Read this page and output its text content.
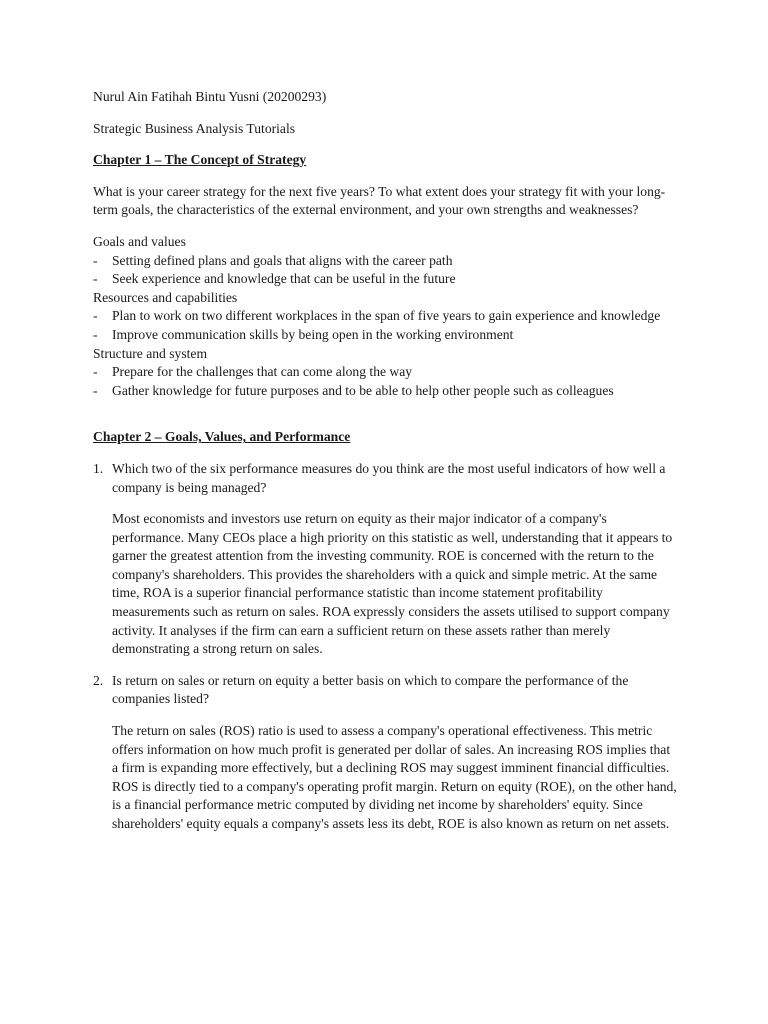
Nurul Ain Fatihah Bintu Yusni (20200293)

Strategic Business Analysis Tutorials

Chapter 1 – The Concept of Strategy

What is your career strategy for the next five years? To what extent does your strategy fit with your long-term goals, the characteristics of the external environment, and your own strengths and weaknesses?

Goals and values

- Setting defined plans and goals that aligns with the career path

- Seek experience and knowledge that can be useful in the future

Resources and capabilities

- Plan to work on two different workplaces in the span of five years to gain experience and knowledge

- Improve communication skills by being open in the working environment

Structure and system

- Prepare for the challenges that can come along the way

- Gather knowledge for future purposes and to be able to help other people such as colleagues

Chapter 2 – Goals, Values, and Performance

1. Which two of the six performance measures do you think are the most useful indicators of how well a company is being managed?

Most economists and investors use return on equity as their major indicator of a company's performance. Many CEOs place a high priority on this statistic as well, understanding that it appears to garner the greatest attention from the investing community. ROE is concerned with the return to the company's shareholders. This provides the shareholders with a quick and simple metric. At the same time, ROA is a superior financial performance statistic than income statement profitability measurements such as return on sales. ROA expressly considers the assets utilised to support company activity. It analyses if the firm can earn a sufficient return on these assets rather than merely demonstrating a strong return on sales.

2. Is return on sales or return on equity a better basis on which to compare the performance of the companies listed?

The return on sales (ROS) ratio is used to assess a company's operational effectiveness. This metric offers information on how much profit is generated per dollar of sales. An increasing ROS implies that a firm is expanding more effectively, but a declining ROS may suggest imminent financial difficulties. ROS is directly tied to a company's operating profit margin. Return on equity (ROE), on the other hand, is a financial performance metric computed by dividing net income by shareholders' equity. Since shareholders' equity equals a company's assets less its debt, ROE is also known as return on net assets.
